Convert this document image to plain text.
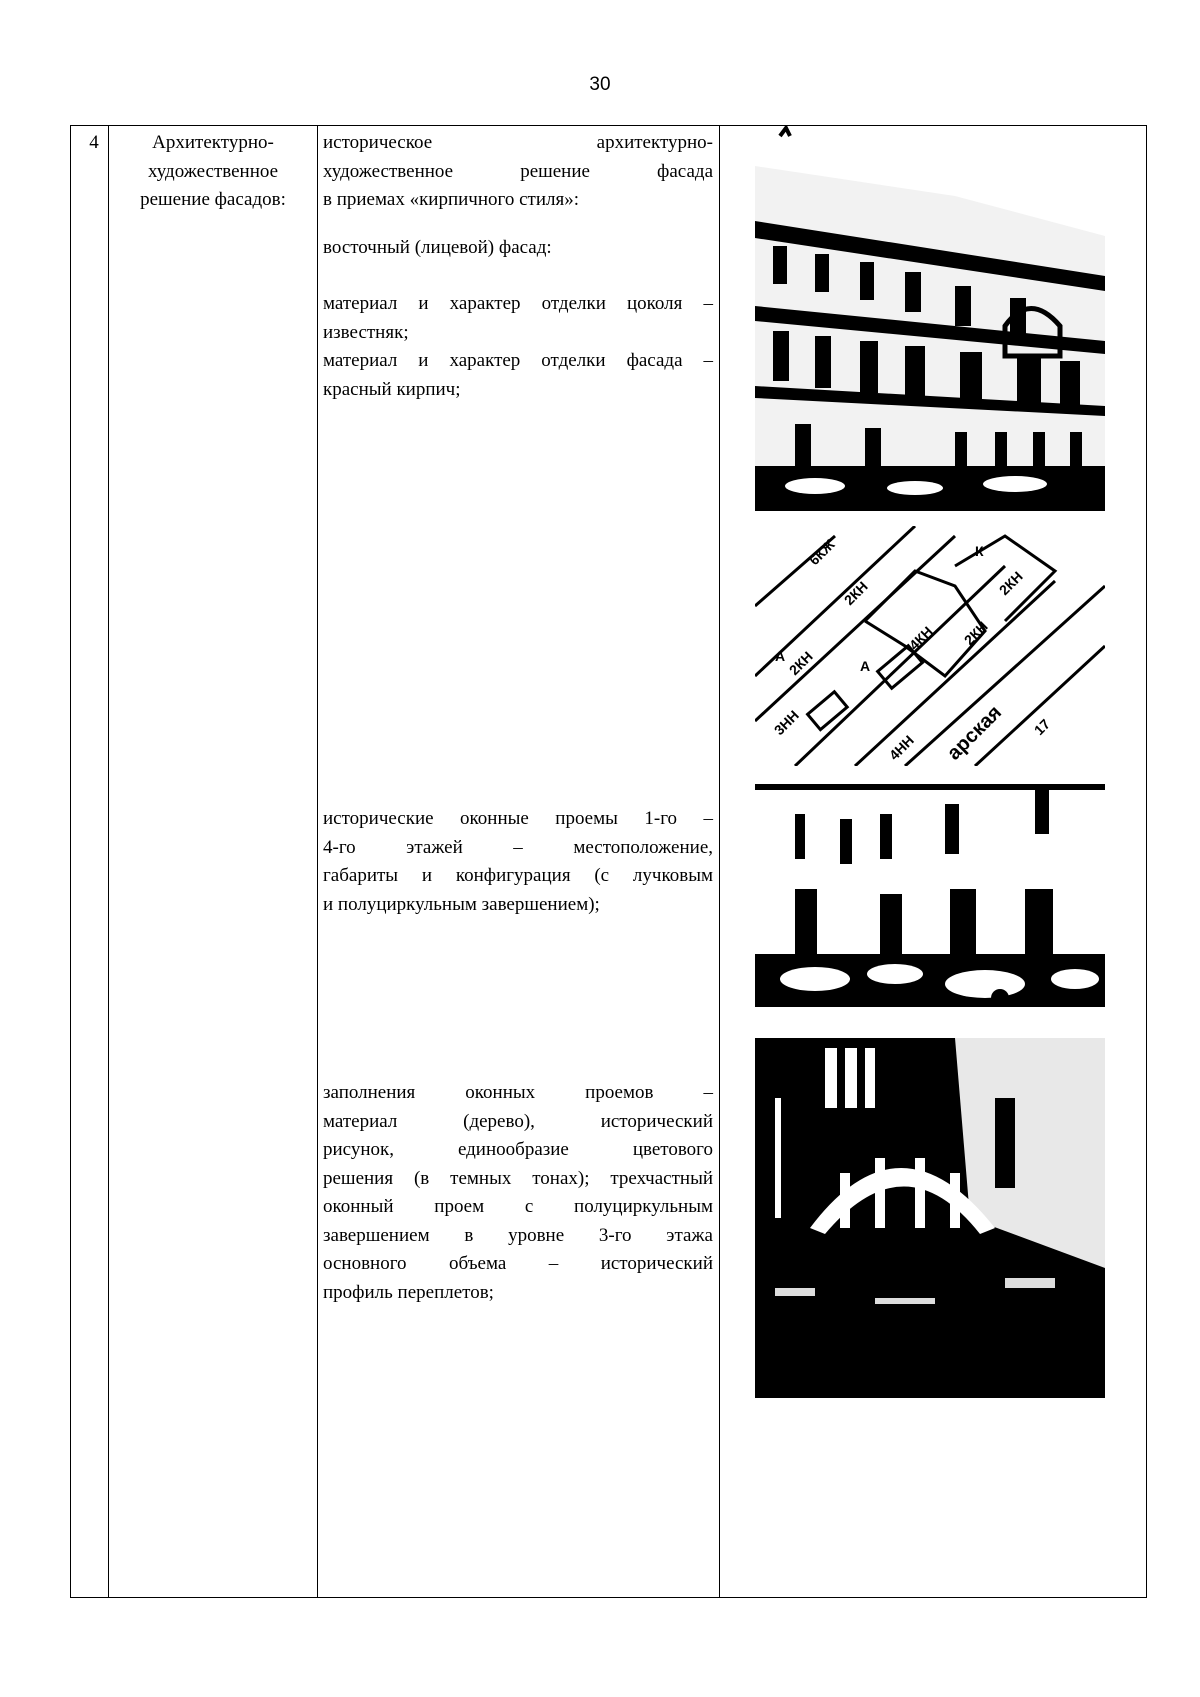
30
4	Архитектурно-художественное решение фасадов:
историческое архитектурно-
художественное решение фасада
в приемах «кирпичного стиля»:
восточный (лицевой) фасад:
материал и характер отделки цоколя –
известняк;
материал и характер отделки фасада –
красный кирпич;
исторические оконные проемы 1-го –
4-го этажей – местоположение,
габариты и конфигурация (с лучковым
и полуциркульным завершением);
заполнения оконных проемов –
материал (дерево), исторический
рисунок, единообразие цветового
решения (в темных тонах); трехчастный
оконный проем с полуциркульным
завершением в уровне 3-го этажа
основного объема – исторический
профиль переплетов;
6КЖ
2КН
2КН
2КН
4КН
4НН
3НН
2КН
А
А
К
17
арская
